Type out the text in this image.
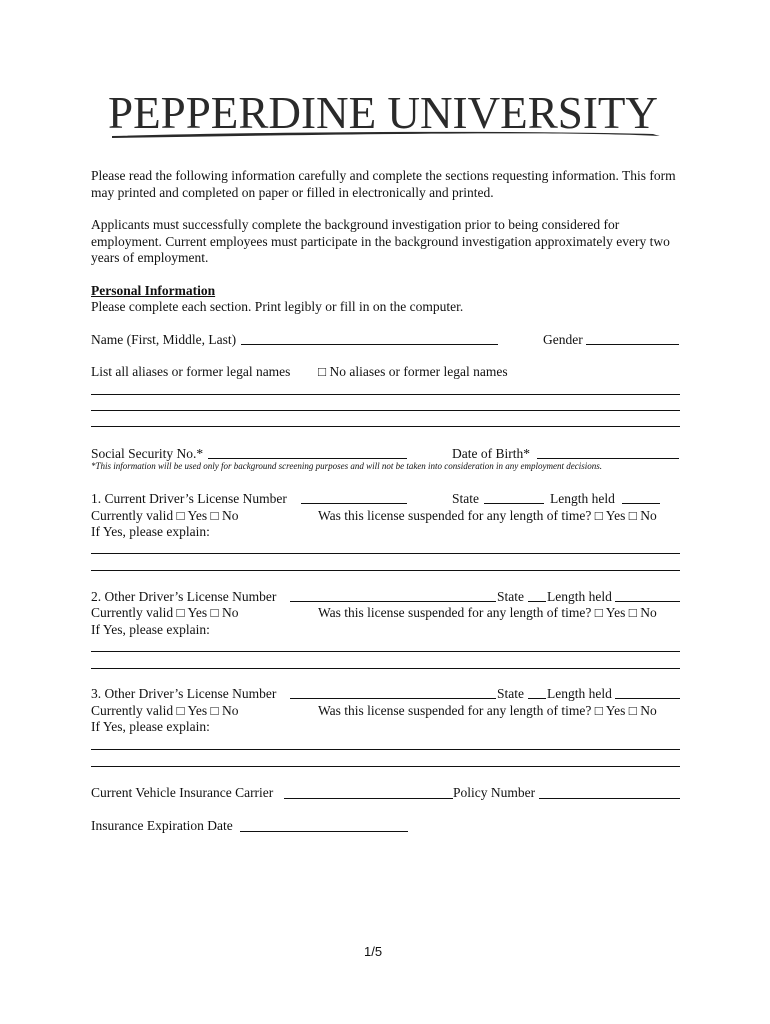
PEPPERDINE UNIVERSITY
Please read the following information carefully and complete the sections requesting information. This form may printed and completed on paper or filled in electronically and printed.
Applicants must successfully complete the background investigation prior to being considered for employment. Current employees must participate in the background investigation approximately every two years of employment.
Personal Information
Please complete each section. Print legibly or fill in on the computer.
Name (First, Middle, Last)	Gender
List all aliases or former legal names □ No aliases or former legal names
Social Security No.*	Date of Birth*
*This information will be used only for background screening purposes and will not be taken into consideration in any employment decisions.
1. Current Driver’s License Number	State	Length held
Currently valid □ Yes □ No	Was this license suspended for any length of time? □ Yes □ No
If Yes, please explain:
2. Other Driver’s License Number	State Length held
Currently valid □ Yes □ No	Was this license suspended for any length of time? □ Yes □ No
If Yes, please explain:
3. Other Driver’s License Number	State Length held
Currently valid □ Yes □ No	Was this license suspended for any length of time? □ Yes □ No
If Yes, please explain:
Current Vehicle Insurance Carrier	Policy Number
Insurance Expiration Date
1/5
